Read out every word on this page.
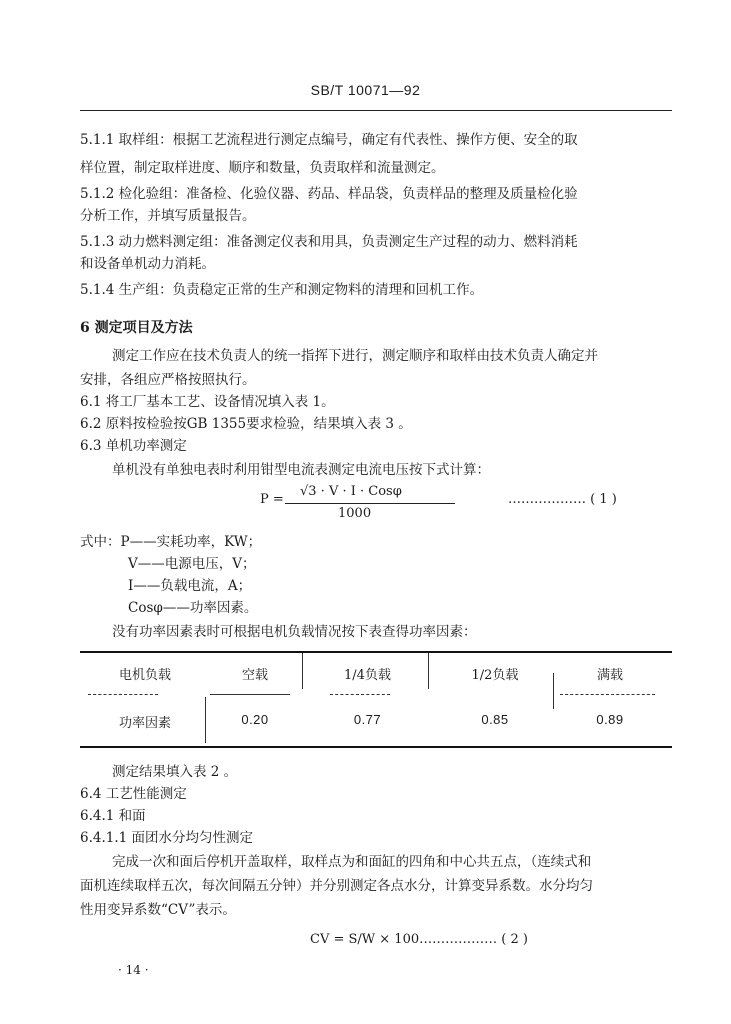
SB/T 10071—92
5.1.1 取样组：根据工艺流程进行测定点编号，确定有代表性、操作方便、安全的取
样位置，制定取样进度、顺序和数量，负责取样和流量测定。
5.1.2 检化验组：准备检、化验仪器、药品、样品袋，负责样品的整理及质量检化验
分析工作，并填写质量报告。
5.1.3 动力燃料测定组：准备测定仪表和用具，负责测定生产过程的动力、燃料消耗
和设备单机动力消耗。
5.1.4 生产组：负责稳定正常的生产和测定物料的清理和回机工作。
6 测定项目及方法
测定工作应在技术负责人的统一指挥下进行，测定顺序和取样由技术负责人确定并
安排，各组应严格按照执行。
6.1 将工厂基本工艺、设备情况填入表 1。
6.2 原料按检验按GB 1355要求检验，结果填入表 3 。
6.3 单机功率测定
单机没有单独电表时利用钳型电流表测定电流电压按下式计算：
P =
√3 · V · I · Cosφ
1000
……………… ( 1 )
式中：P——实耗功率，KW；
V——电源电压，V；
I——负载电流，A；
Cosφ——功率因素。
没有功率因素表时可根据电机负载情况按下表查得功率因素：
电机负载	空载	1/4负载	1/2负载	满载
功率因素	0.20	0.77	0.85	0.89
测定结果填入表 2 。
6.4 工艺性能测定
6.4.1 和面
6.4.1.1 面团水分均匀性测定
完成一次和面后停机开盖取样，取样点为和面缸的四角和中心共五点，（连续式和
面机连续取样五次，每次间隔五分钟）并分别测定各点水分，计算变异系数。水分均匀
性用变异系数“CV”表示。
CV = S/W × 100……………… ( 2 )
· 14 ·
